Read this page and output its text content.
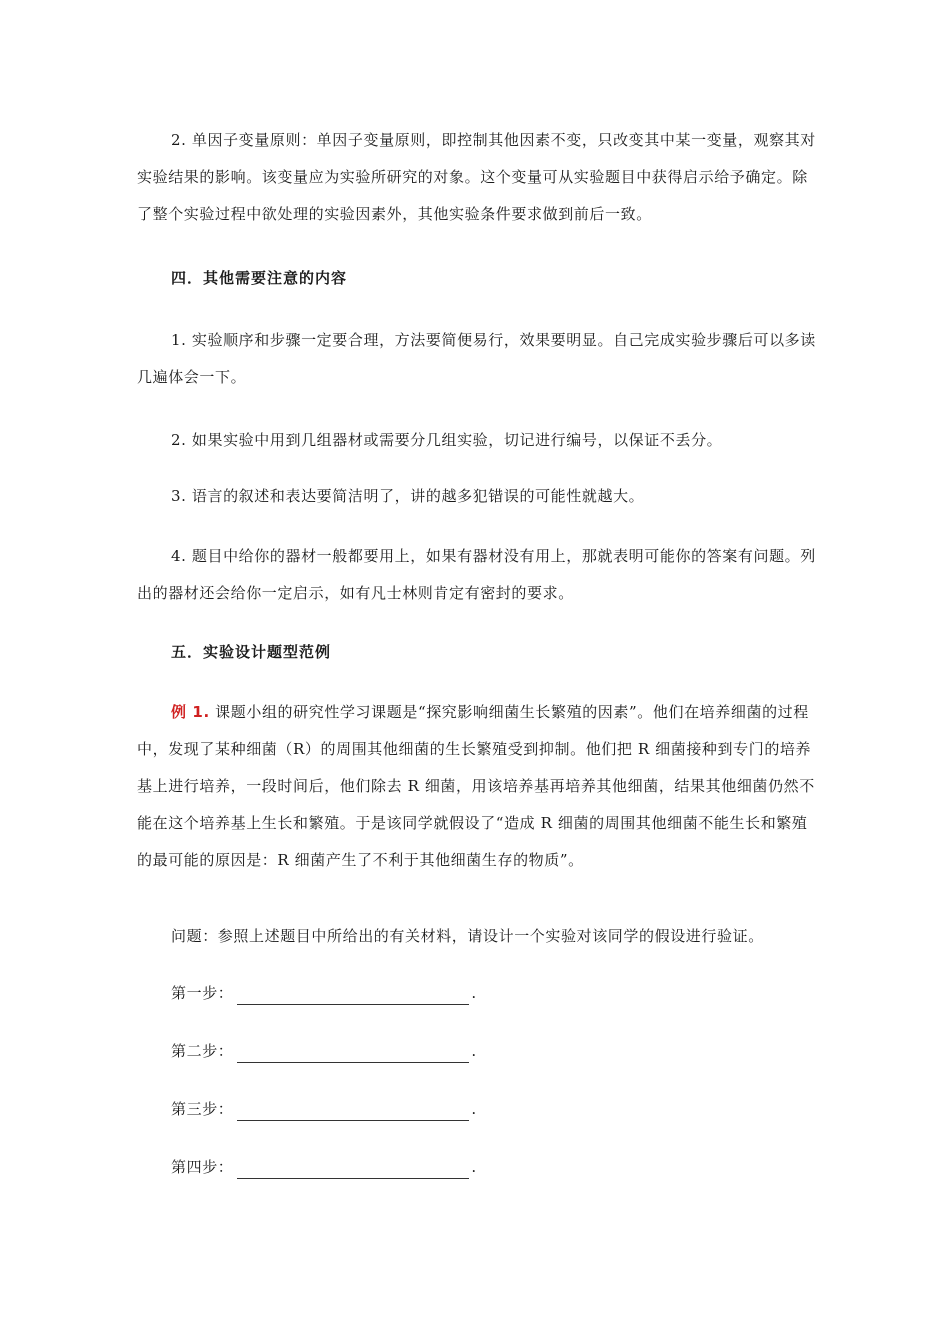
2. 单因子变量原则：单因子变量原则，即控制其他因素不变，只改变其中某一变量，观察其对实验结果的影响。该变量应为实验所研究的对象。这个变量可从实验题目中获得启示给予确定。除了整个实验过程中欲处理的实验因素外，其他实验条件要求做到前后一致。

四．其他需要注意的内容

1. 实验顺序和步骤一定要合理，方法要简便易行，效果要明显。自己完成实验步骤后可以多读几遍体会一下。

2. 如果实验中用到几组器材或需要分几组实验，切记进行编号，以保证不丢分。

3. 语言的叙述和表达要简洁明了，讲的越多犯错误的可能性就越大。

4. 题目中给你的器材一般都要用上，如果有器材没有用上，那就表明可能你的答案有问题。列出的器材还会给你一定启示，如有凡士林则肯定有密封的要求。

五．实验设计题型范例

例 1. 课题小组的研究性学习课题是“探究影响细菌生长繁殖的因素”。他们在培养细菌的过程中，发现了某种细菌（R）的周围其他细菌的生长繁殖受到抑制。他们把 R 细菌接种到专门的培养基上进行培养，一段时间后，他们除去 R 细菌，用该培养基再培养其他细菌，结果其他细菌仍然不能在这个培养基上生长和繁殖。于是该同学就假设了“造成 R 细菌的周围其他细菌不能生长和繁殖的最可能的原因是：R 细菌产生了不利于其他细菌生存的物质”。

问题：参照上述题目中所给出的有关材料，请设计一个实验对该同学的假设进行验证。

第一步：	.
第二步：	.
第三步：	.
第四步：	.
